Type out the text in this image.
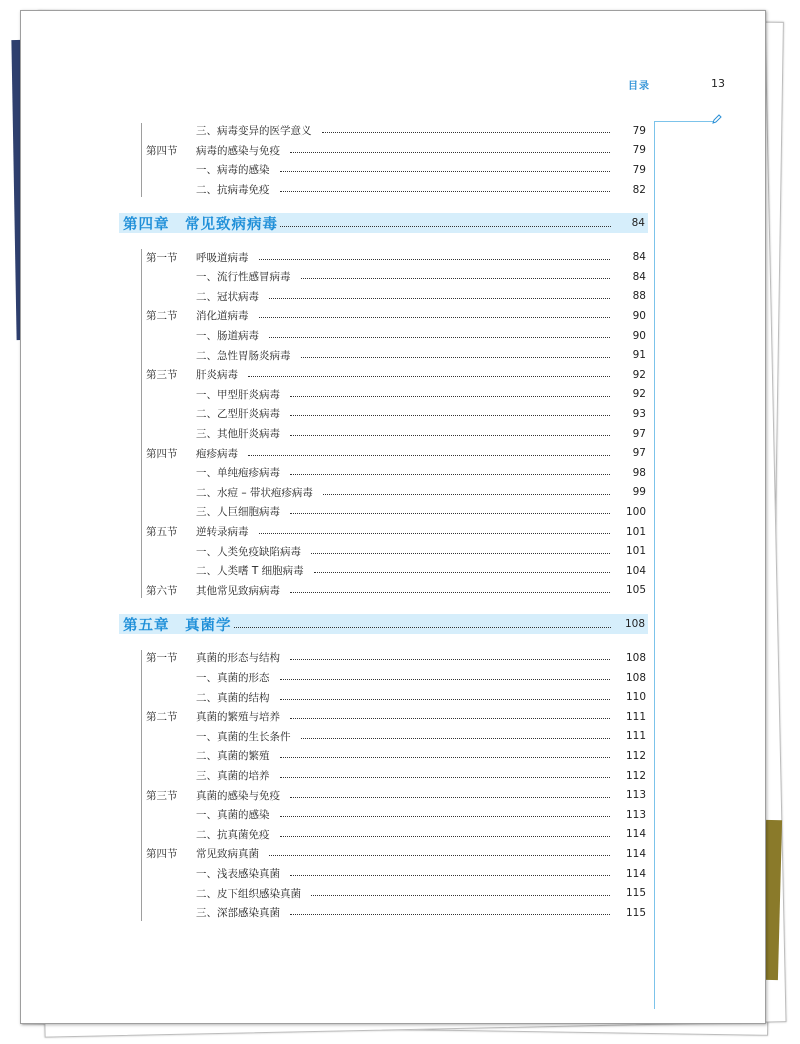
目录	13
三、病毒变异的医学意义	79
第四节	病毒的感染与免疫	79
一、病毒的感染	79
二、抗病毒免疫	82
第四章　常见致病病毒	84
第一节	呼吸道病毒	84
一、流行性感冒病毒	84
二、冠状病毒	88
第二节	消化道病毒	90
一、肠道病毒	90
二、急性胃肠炎病毒	91
第三节	肝炎病毒	92
一、甲型肝炎病毒	92
二、乙型肝炎病毒	93
三、其他肝炎病毒	97
第四节	疱疹病毒	97
一、单纯疱疹病毒	98
二、水痘 – 带状疱疹病毒	99
三、人巨细胞病毒	100
第五节	逆转录病毒	101
一、人类免疫缺陷病毒	101
二、人类嗜 T 细胞病毒	104
第六节	其他常见致病病毒	105
第五章　真菌学	108
第一节	真菌的形态与结构	108
一、真菌的形态	108
二、真菌的结构	110
第二节	真菌的繁殖与培养	111
一、真菌的生长条件	111
二、真菌的繁殖	112
三、真菌的培养	112
第三节	真菌的感染与免疫	113
一、真菌的感染	113
二、抗真菌免疫	114
第四节	常见致病真菌	114
一、浅表感染真菌	114
二、皮下组织感染真菌	115
三、深部感染真菌	115
